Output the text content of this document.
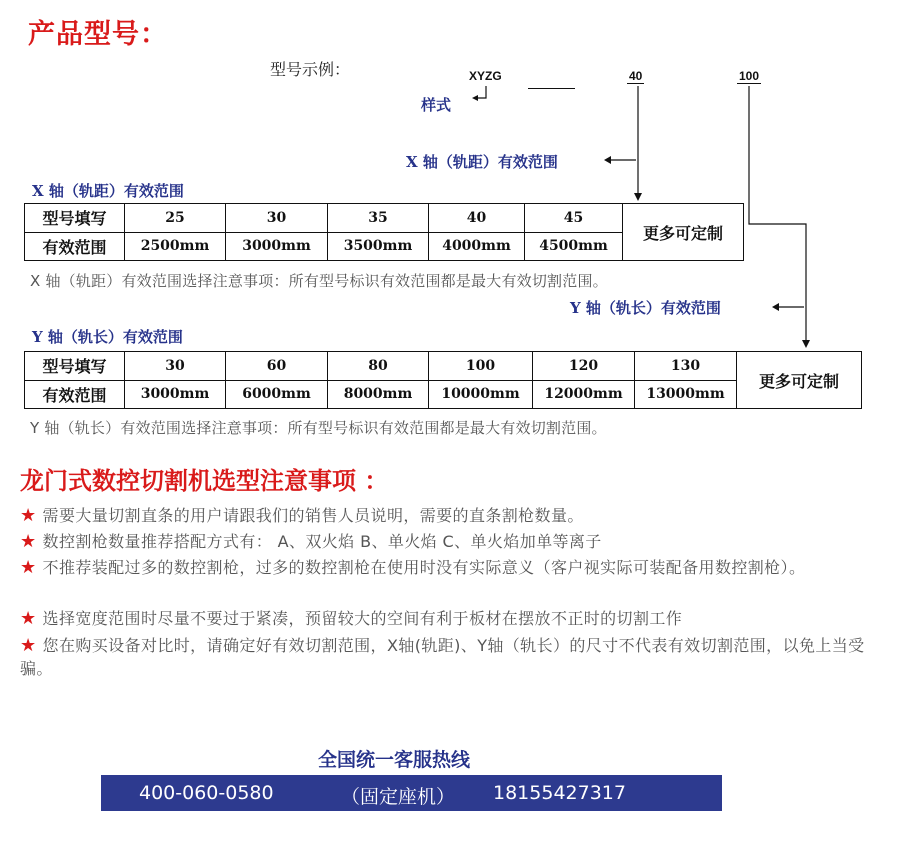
产品型号：
型号示例：	XYZG	40	100
样式
X 轴（轨距）有效范围
X 轴（轨距）有效范围
型号填写	25	30	35	40	45	更多可定制
有效范围	2500mm	3000mm	3500mm	4000mm	4500mm	
X 轴（轨距）有效范围选择注意事项：所有型号标识有效范围都是最大有效切割范围。
Y 轴（轨长）有效范围
Y 轴（轨长）有效范围
型号填写	30	60	80	100	120	130	更多可定制
有效范围	3000mm	6000mm	8000mm	10000mm	12000mm	13000mm	
Y 轴（轨长）有效范围选择注意事项：所有型号标识有效范围都是最大有效切割范围。
龙门式数控切割机选型注意事项 ：
★ 需要大量切割直条的用户请跟我们的销售人员说明，需要的直条割枪数量。
★ 数控割枪数量推荐搭配方式有： A、双火焰 B、单火焰 C、单火焰加单等离子
★ 不推荐装配过多的数控割枪，过多的数控割枪在使用时没有实际意义（客户视实际可装配备用数控割枪）。
★ 选择宽度范围时尽量不要过于紧凑，预留较大的空间有利于板材在摆放不正时的切割工作
★ 您在购买设备对比时，请确定好有效切割范围，X轴(轨距)、Y轴（轨长）的尺寸不代表有效切割范围，以免上当受骗。
全国统一客服热线
400-060-0580	（固定座机） 18155427317
